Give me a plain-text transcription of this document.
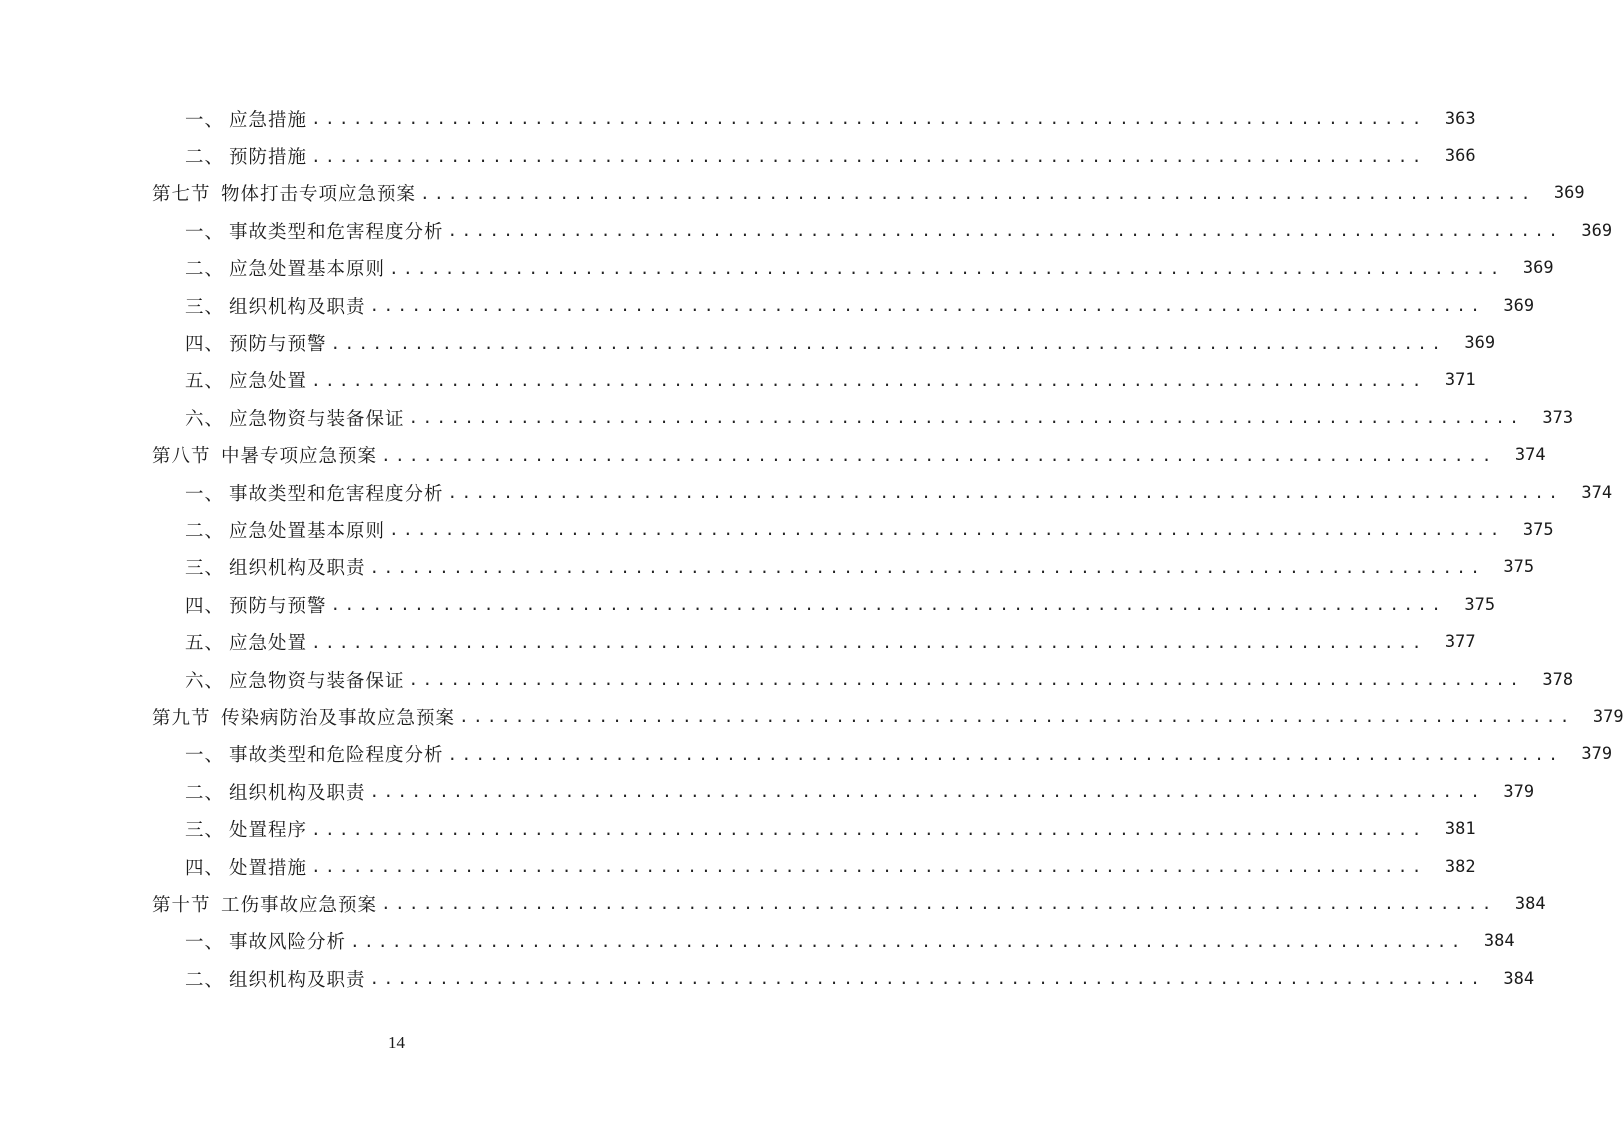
一、 应急措施 ................................................................................	363
二、 预防措施 ................................................................................	366
第七节 物体打击专项应急预案 ................................................................................	369
一、 事故类型和危害程度分析 ................................................................................	369
二、 应急处置基本原则 ................................................................................	369
三、 组织机构及职责 ................................................................................	369
四、 预防与预警 ................................................................................	369
五、 应急处置 ................................................................................	371
六、 应急物资与装备保证 ................................................................................	373
第八节 中暑专项应急预案 ................................................................................	374
一、 事故类型和危害程度分析 ................................................................................	374
二、 应急处置基本原则 ................................................................................	375
三、 组织机构及职责 ................................................................................	375
四、 预防与预警 ................................................................................	375
五、 应急处置 ................................................................................	377
六、 应急物资与装备保证 ................................................................................	378
第九节 传染病防治及事故应急预案 ................................................................................	379
一、 事故类型和危险程度分析 ................................................................................	379
二、 组织机构及职责 ................................................................................	379
三、 处置程序 ................................................................................	381
四、 处置措施 ................................................................................	382
第十节 工伤事故应急预案 ................................................................................	384
一、 事故风险分析 ................................................................................	384
二、 组织机构及职责 ................................................................................	384
14
